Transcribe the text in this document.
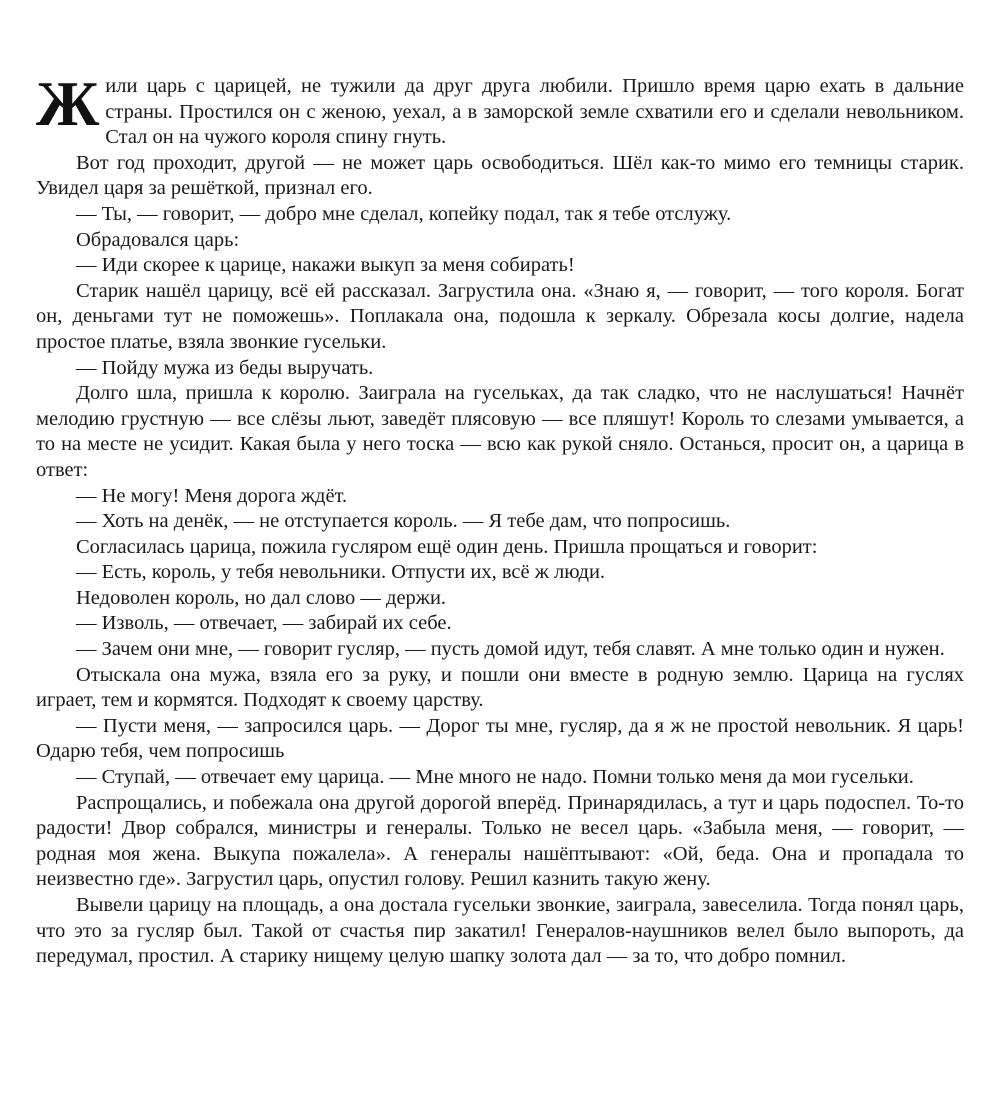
Жили царь с царицей, не тужили да друг друга любили. Пришло время царю ехать в дальние страны. Простился он с женою, уехал, а в заморской земле схватили его и сделали невольником. Стал он на чужого короля спину гнуть.

Вот год проходит, другой — не может царь освободиться. Шёл как-то мимо его темницы старик. Увидел царя за решёткой, признал его.

— Ты, — говорит, — добро мне сделал, копейку подал, так я тебе отслужу.

Обрадовался царь:

— Иди скорее к царице, накажи выкуп за меня собирать!

Старик нашёл царицу, всё ей рассказал. Загрустила она. «Знаю я, — говорит, — того короля. Богат он, деньгами тут не поможешь». Поплакала она, подошла к зеркалу. Обрезала косы долгие, надела простое платье, взяла звонкие гусельки.

— Пойду мужа из беды выручать.

Долго шла, пришла к королю. Заиграла на гусельках, да так сладко, что не наслушаться! Начнёт мелодию грустную — все слёзы льют, заведёт плясовую — все пляшут! Король то слезами умывается, а то на месте не усидит. Какая была у него тоска — всю как рукой сняло. Останься, просит он, а царица в ответ:

— Не могу! Меня дорога ждёт.

— Хоть на денёк, — не отступается король. — Я тебе дам, что попросишь.

Согласилась царица, пожила гусляром ещё один день. Пришла прощаться и говорит:

— Есть, король, у тебя невольники. Отпусти их, всё ж люди.

Недоволен король, но дал слово — держи.

— Изволь, — отвечает, — забирай их себе.

— Зачем они мне, — говорит гусляр, — пусть домой идут, тебя славят. А мне только один и нужен.

Отыскала она мужа, взяла его за руку, и пошли они вместе в родную землю. Царица на гуслях играет, тем и кормятся. Подходят к своему царству.

— Пусти меня, — запросился царь. — Дорог ты мне, гусляр, да я ж не простой невольник. Я царь! Одарю тебя, чем попросишь

— Ступай, — отвечает ему царица. — Мне много не надо. Помни только меня да мои гусельки.

Распрощались, и побежала она другой дорогой вперёд. Принарядилась, а тут и царь подоспел. То-то радости! Двор собрался, министры и генералы. Только не весел царь. «Забыла меня, — говорит, — родная моя жена. Выкупа пожалела». А генералы нашёптывают: «Ой, беда. Она и пропадала то неизвестно где». Загрустил царь, опустил голову. Решил казнить такую жену.

Вывели царицу на площадь, а она достала гусельки звонкие, заиграла, завеселила. Тогда понял царь, что это за гусляр был. Такой от счастья пир закатил! Генералов-наушников велел было выпороть, да передумал, простил. А старику нищему целую шапку золота дал — за то, что добро помнил.
